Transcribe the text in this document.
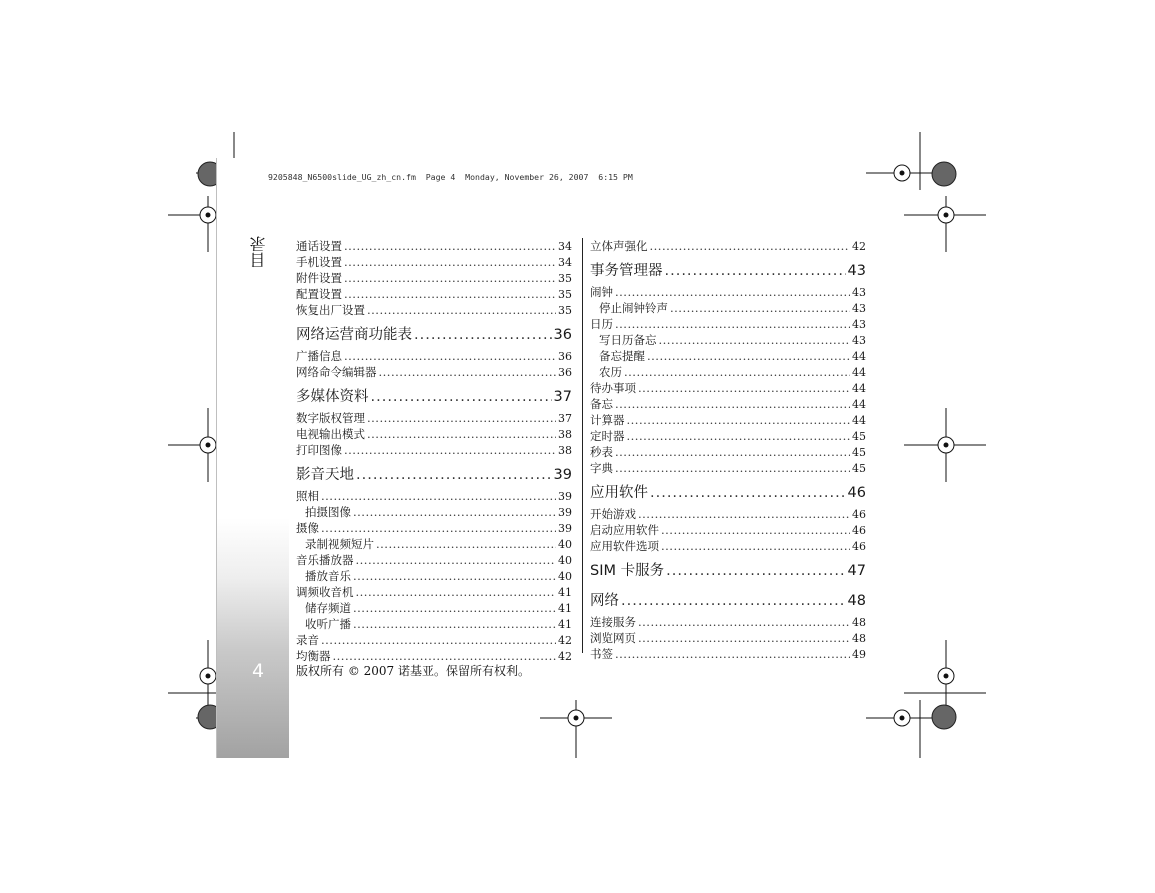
9205848_N6500slide_UG_zh_cn.fm  Page 4  Monday, November 26, 2007  6:15 PM
目录
4
通话设置 .....	34
手机设置 .....	34
附件设置 .....	35
配置设置 .....	35
恢复出厂设置 .....	35
网络运营商功能表 .....	36
广播信息 .....	36
网络命令编辑器 .....	36
多媒体资料 .....	37
数字版权管理 .....	37
电视输出模式 .....	38
打印图像 .....	38
影音天地 .....	39
照相 .....	39
拍摄图像 .....	39
摄像 .....	39
录制视频短片 .....	40
音乐播放器 .....	40
播放音乐 .....	40
调频收音机 .....	41
储存频道 .....	41
收听广播 .....	41
录音 .....	42
均衡器 .....	42
立体声强化 .....	42
事务管理器 .....	43
闹钟 .....	43
停止闹钟铃声 .....	43
日历 .....	43
写日历备忘 .....	43
备忘提醒 .....	44
农历 .....	44
待办事项 .....	44
备忘 .....	44
计算器 .....	44
定时器 .....	45
秒表 .....	45
字典 .....	45
应用软件 .....	46
开始游戏 .....	46
启动应用软件 .....	46
应用软件选项 .....	46
SIM 卡服务 .....	47
网络 .....	48
连接服务 .....	48
浏览网页 .....	48
书签 .....	49
版权所有 © 2007 诺基亚。保留所有权利。
